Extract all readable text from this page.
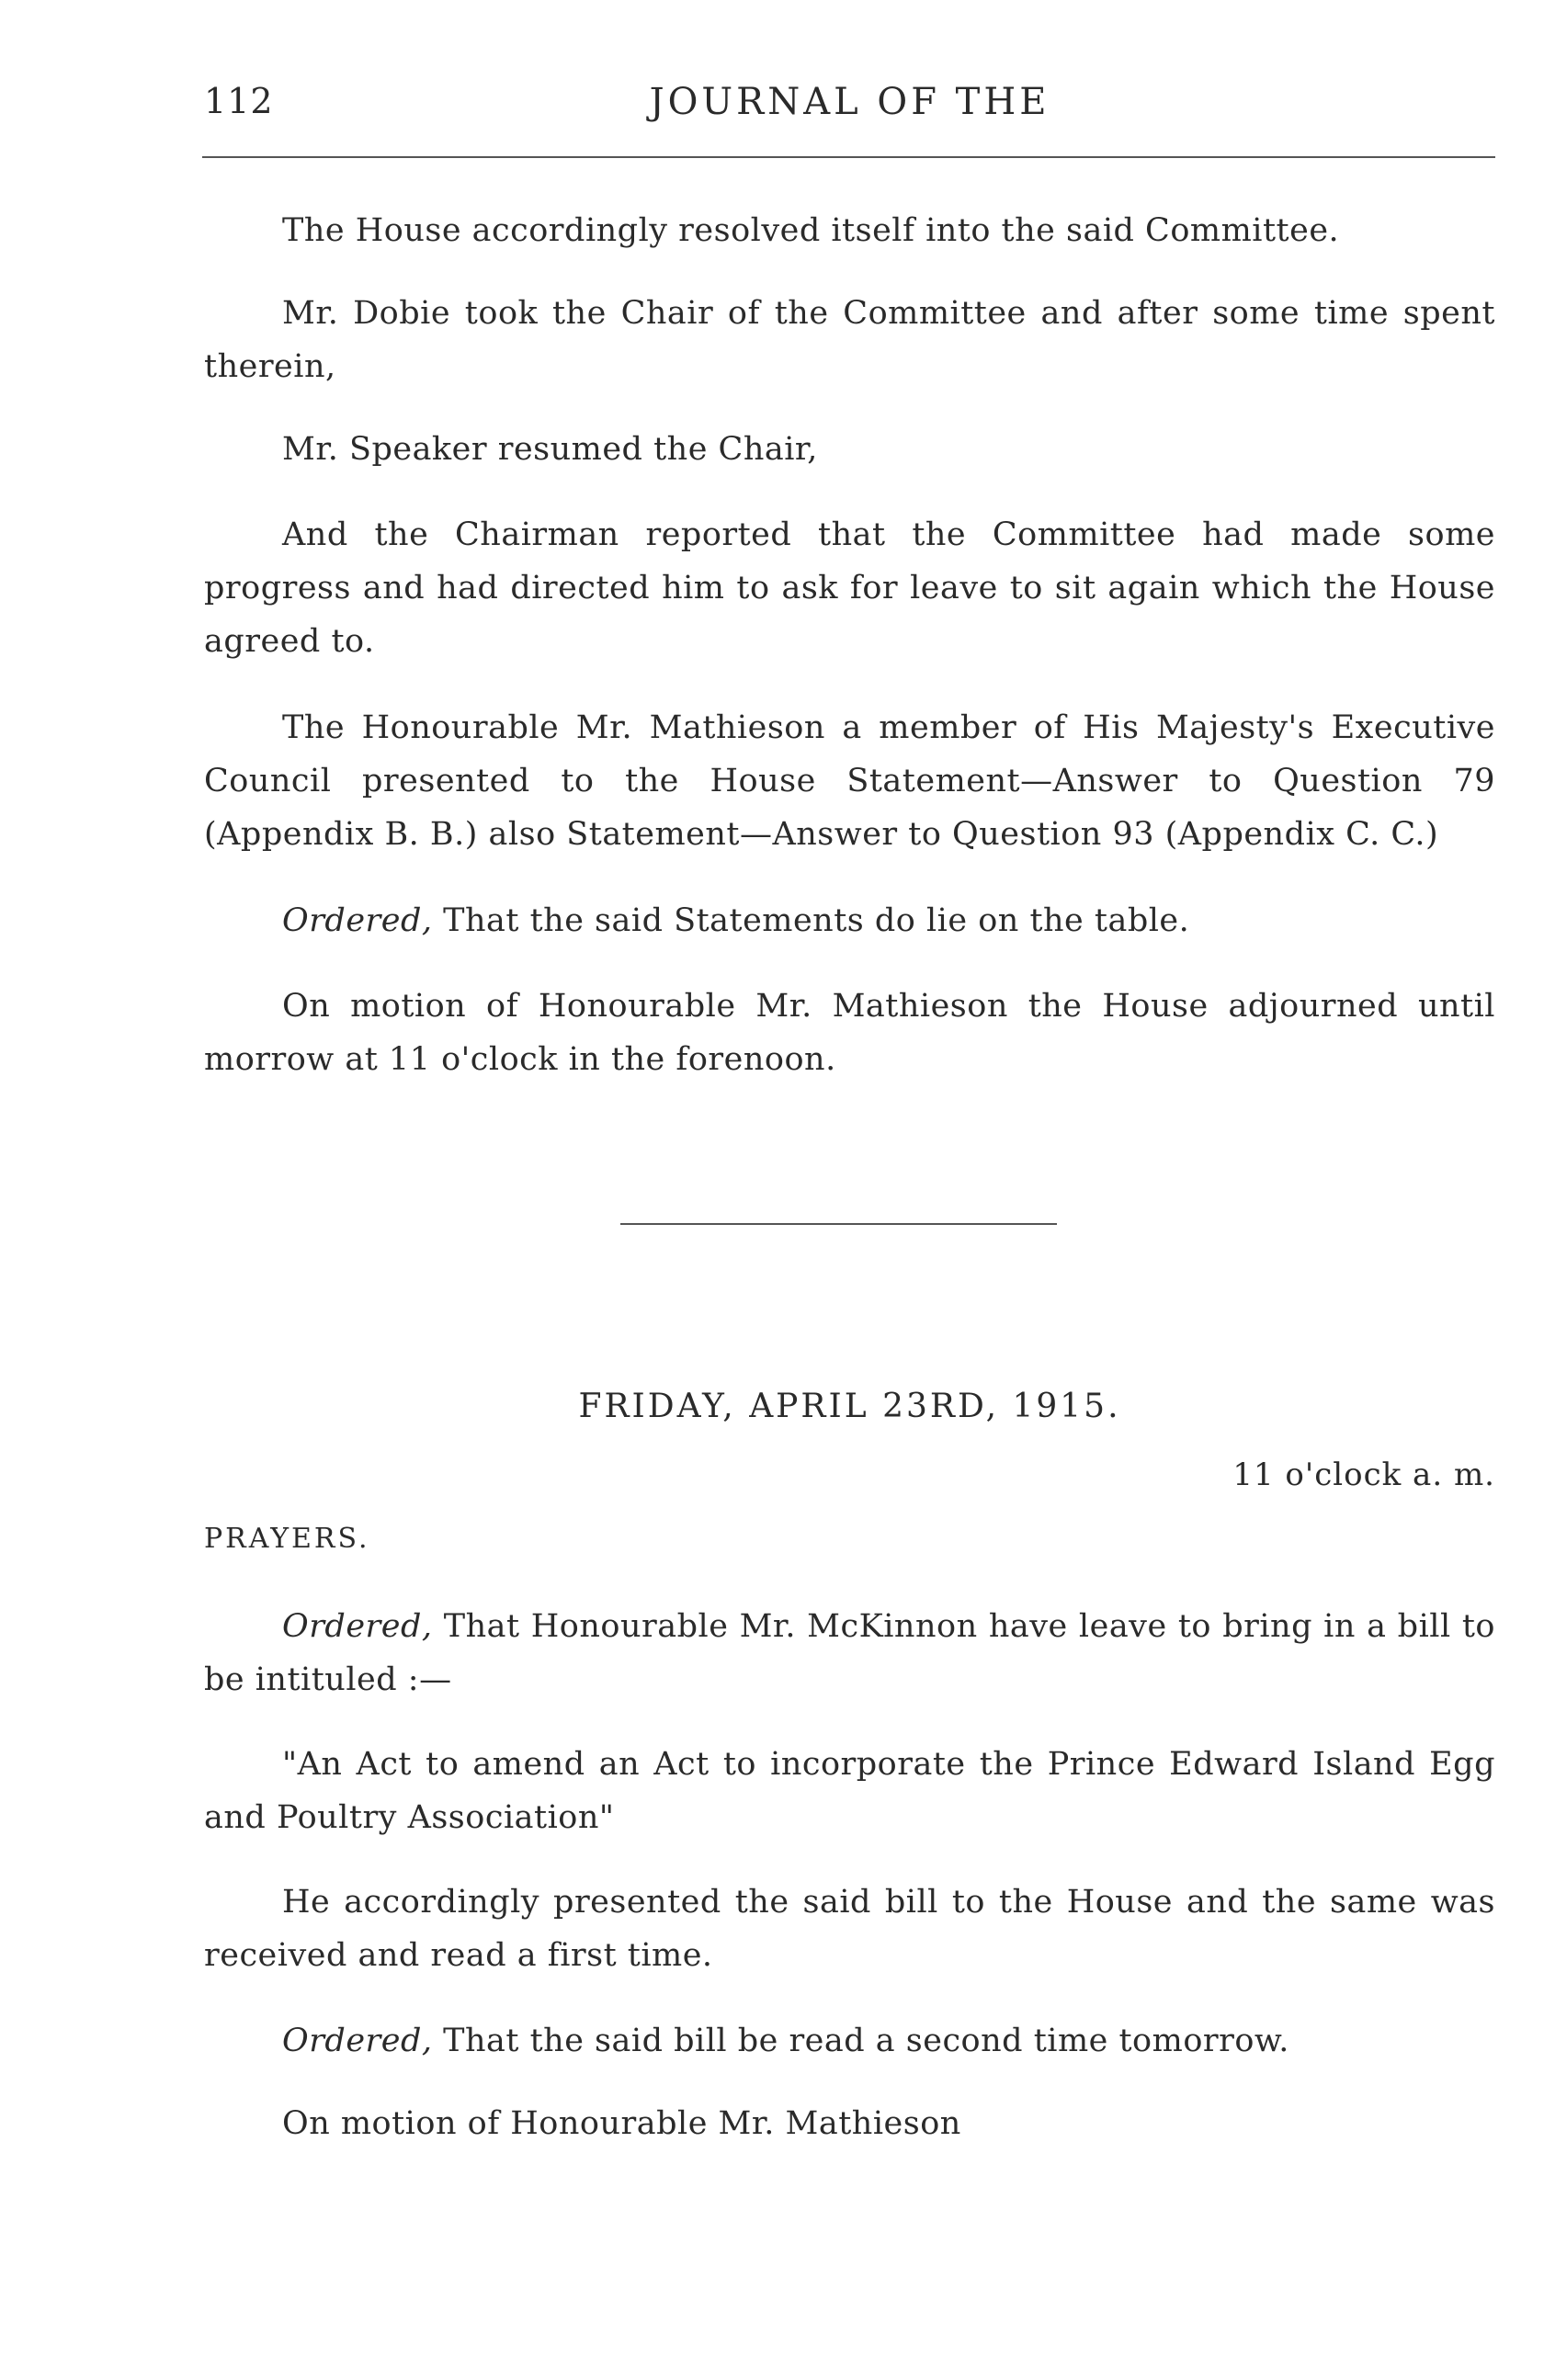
112	JOURNAL OF THE
The House accordingly resolved itself into the said Committee.
Mr. Dobie took the Chair of the Committee and after some time spent therein,
Mr. Speaker resumed the Chair,
And the Chairman reported that the Committee had made some progress and had directed him to ask for leave to sit again which the House agreed to.
The Honourable Mr. Mathieson a member of His Majesty's Executive Council presented to the House Statement—Answer to Question 79 (Appendix B. B.) also Statement—Answer to Question 93 (Appendix C. C.)
Ordered, That the said Statements do lie on the table.
On motion of Honourable Mr. Mathieson the House adjourned until morrow at 11 o'clock in the forenoon.
FRIDAY, APRIL 23RD, 1915.
11 o'clock a. m.
PRAYERS.
Ordered, That Honourable Mr. McKinnon have leave to bring in a bill to be intituled :—
"An Act to amend an Act to incorporate the Prince Edward Island Egg and Poultry Association"
He accordingly presented the said bill to the House and the same was received and read a first time.
Ordered, That the said bill be read a second time tomorrow.
On motion of Honourable Mr. Mathieson
